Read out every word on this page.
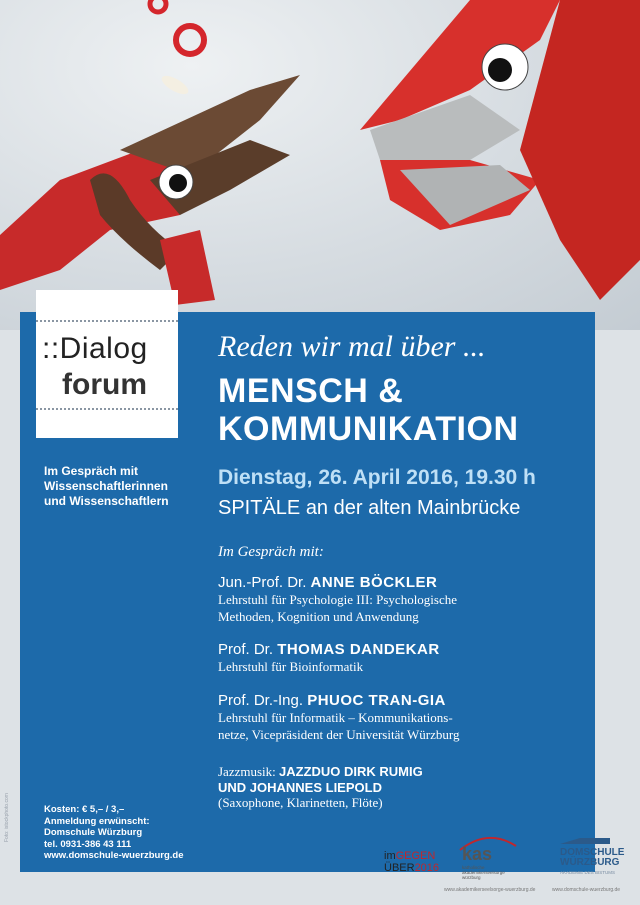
::Dialog
forum
Im Gespräch mit
Wissenschaftlerinnen
und Wissenschaftlern
Reden wir mal über ...
MENSCH &
KOMMUNIKATION
Dienstag, 26. April 2016, 19.30 h
SPITÄLE an der alten Mainbrücke
Im Gespräch mit:
Jun.-Prof. Dr. ANNE BÖCKLER
Lehrstuhl für Psychologie III: Psychologische
Methoden, Kognition und Anwendung
Prof. Dr. THOMAS DANDEKAR
Lehrstuhl für Bioinformatik
Prof. Dr.-Ing. PHUOC TRAN-GIA
Lehrstuhl für Informatik – Kommunikations-
netze, Vicepräsident der Universität Würzburg
Jazzmusik: JAZZDUO DIRK RUMIG
UND JOHANNES LIEPOLD
(Saxophone, Klarinetten, Flöte)
Kosten: € 5,– / 3,–
Anmeldung erwünscht:
Domschule Würzburg
tel. 0931-386 43 111
www.domschule-wuerzburg.de
Foto: istockphoto.com
imGEGEN
ÜBER2016
kas
katholische akademikerseelsorge würzburg
DOMSCHULE
WÜRZBURG
AKADEMIE DES BISTUMS
www.akademikerseelsorge-wuerzburg.de	www.domschule-wuerzburg.de
